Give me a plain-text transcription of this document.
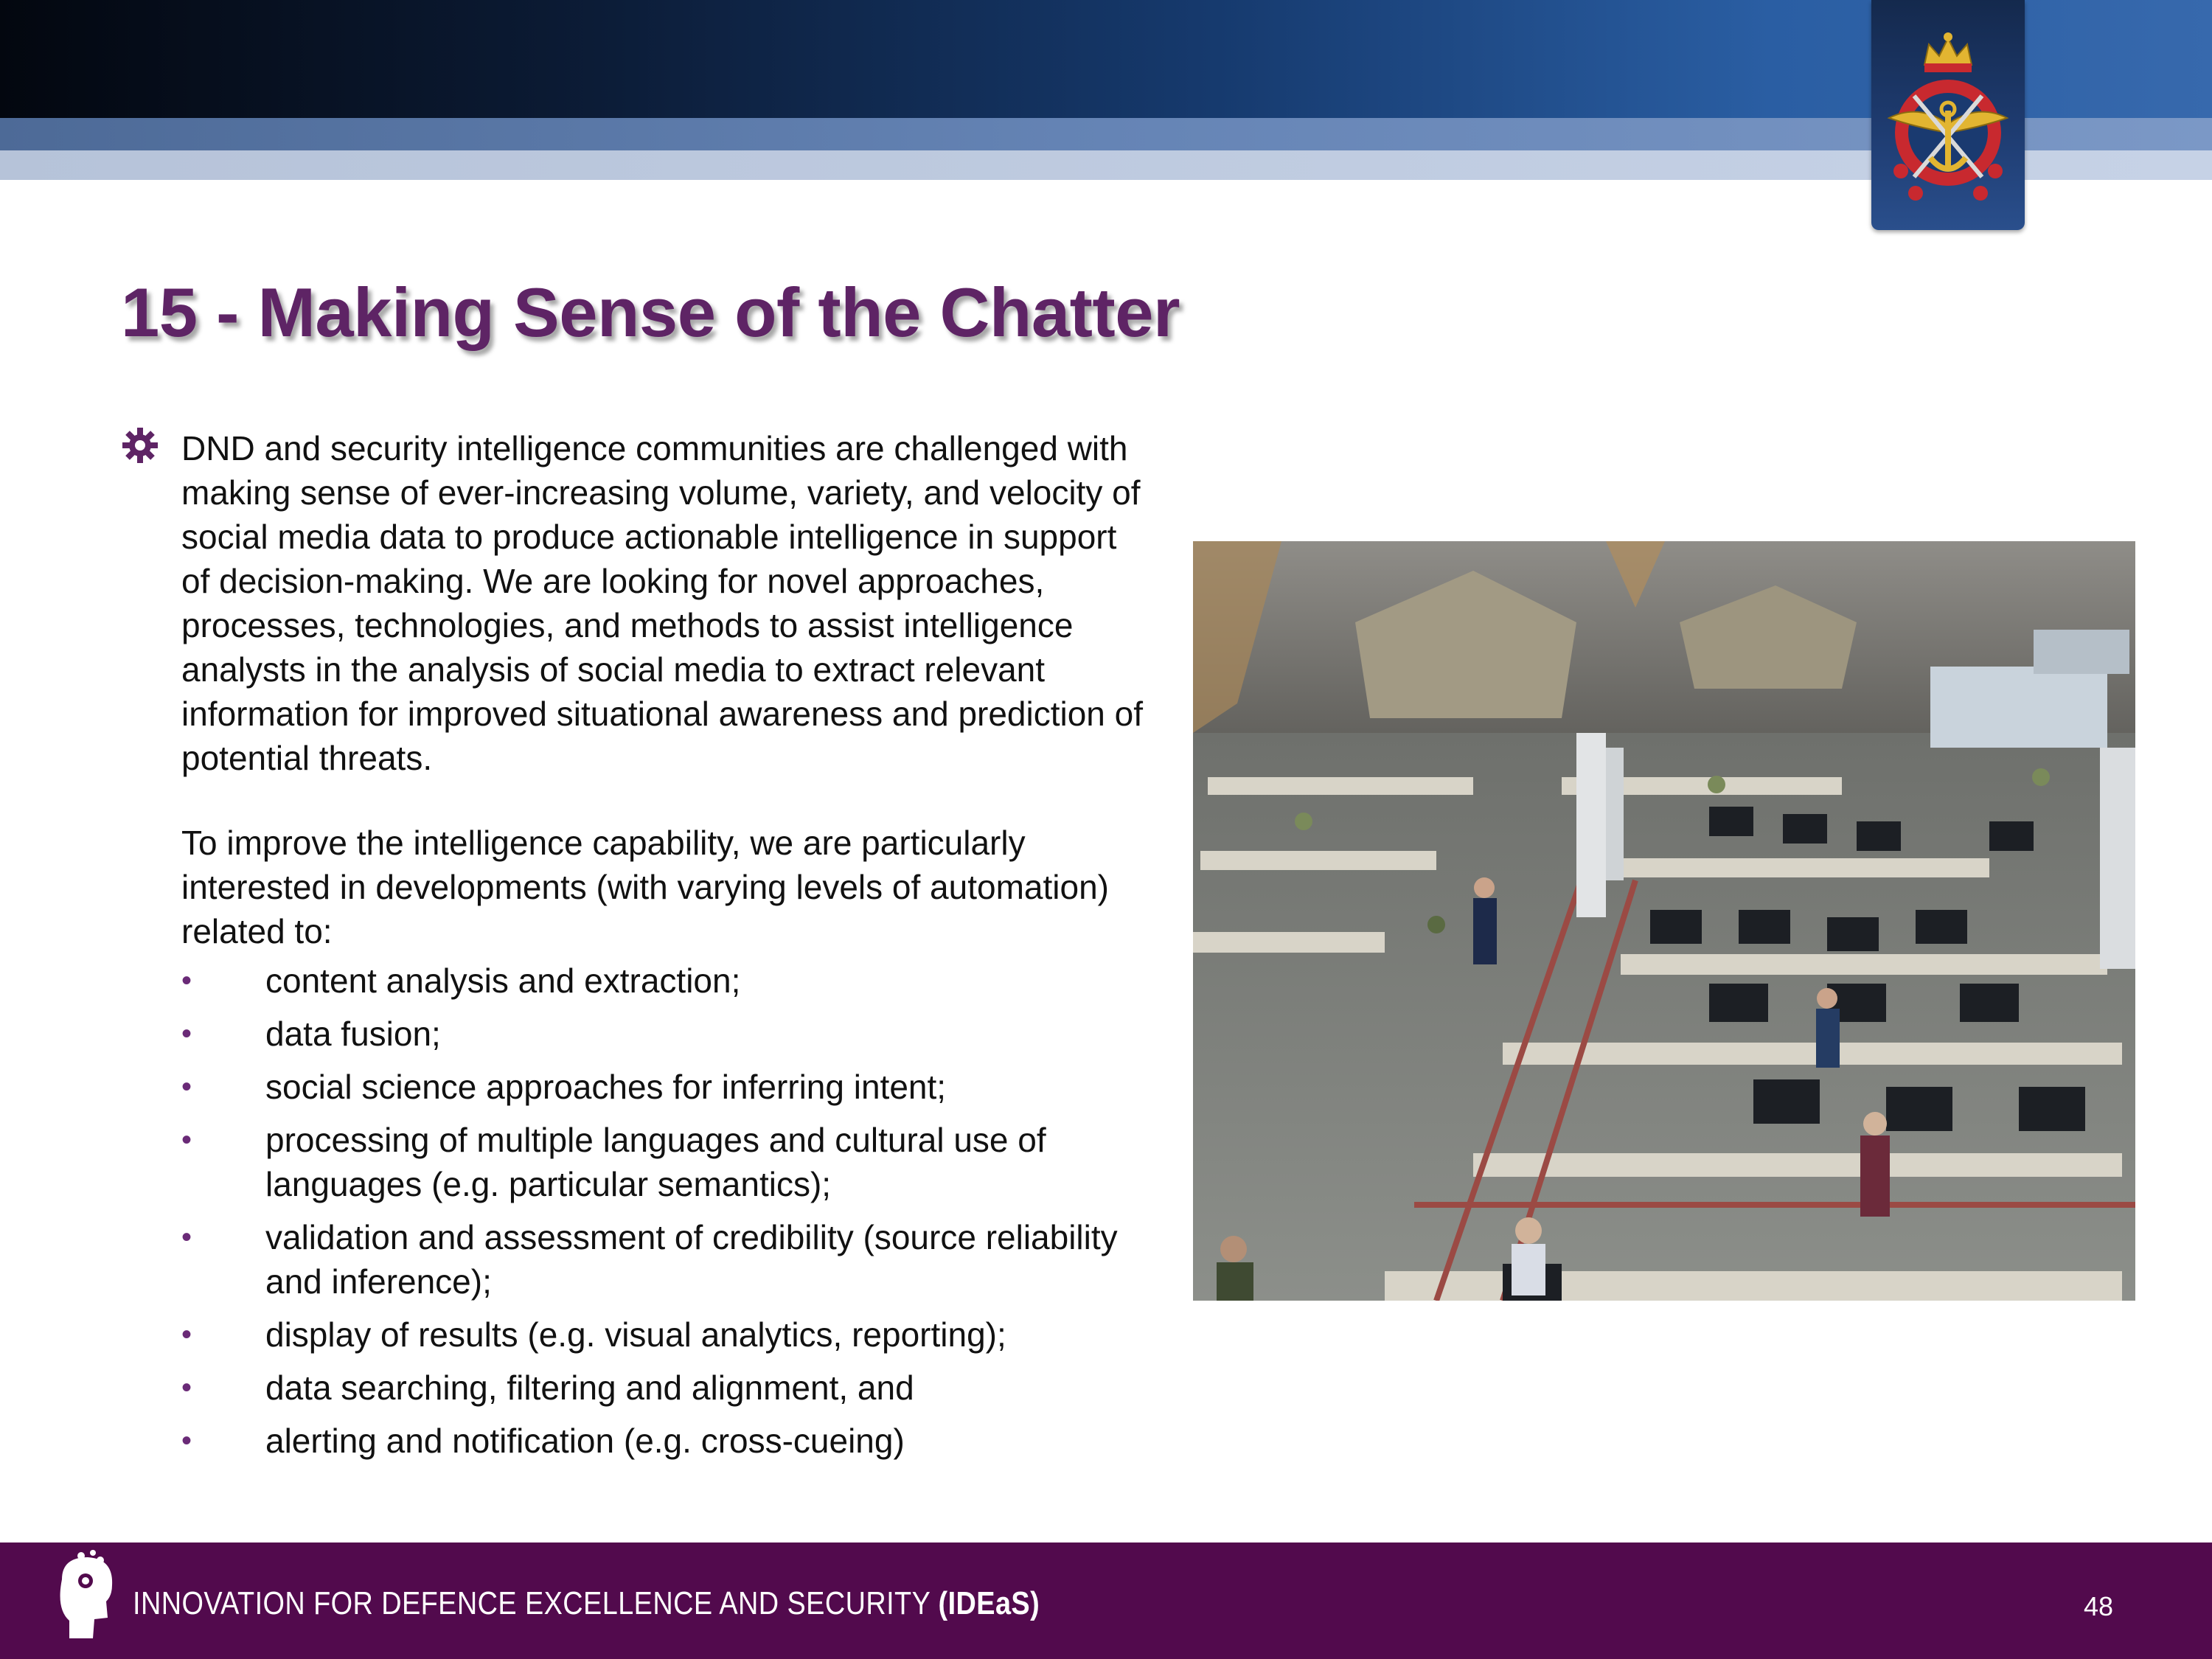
15 - Making Sense of the Chatter

DND and security intelligence communities are challenged with making sense of ever-increasing volume, variety, and velocity of social media data to produce actionable intelligence in support of decision-making. We are looking for novel approaches, processes, technologies, and methods to assist intelligence analysts in the analysis of social media to extract relevant information for improved situational awareness and prediction of potential threats.

To improve the intelligence capability, we are particularly interested in developments (with varying levels of automation) related to:

• content analysis and extraction;
• data fusion;
• social science approaches for inferring intent;
• processing of multiple languages and cultural use of languages (e.g. particular semantics);
• validation and assessment of credibility (source reliability and inference);
• display of results (e.g. visual analytics, reporting);
• data searching, filtering and alignment, and
• alerting and notification (e.g. cross-cueing)

INNOVATION FOR DEFENCE EXCELLENCE AND SECURITY (IDEaS)	48
